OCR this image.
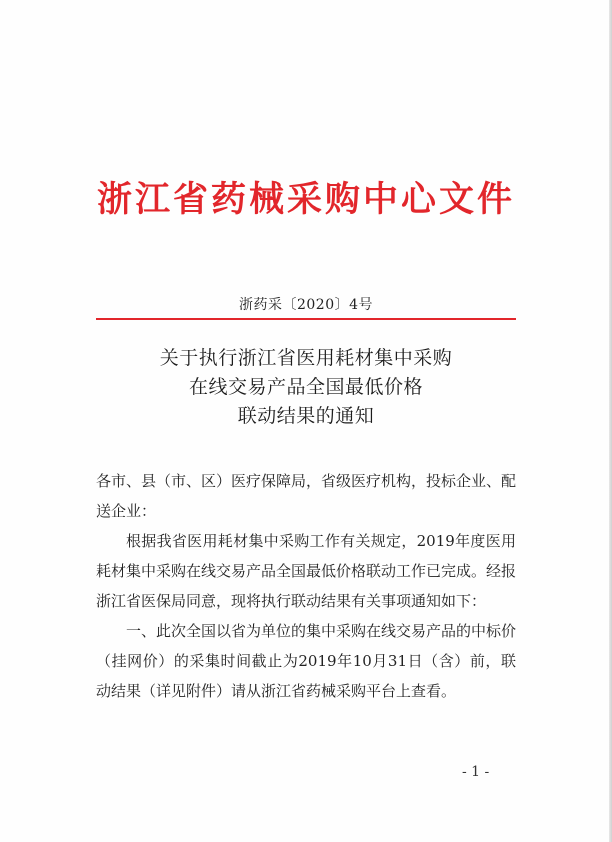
浙江省药械采购中心文件
浙药采〔2020〕4号
关于执行浙江省医用耗材集中采购
在线交易产品全国最低价格
联动结果的通知

各市、县（市、区）医疗保障局，省级医疗机构，投标企业、配送企业：

根据我省医用耗材集中采购工作有关规定，2019年度医用耗材集中采购在线交易产品全国最低价格联动工作已完成。经报浙江省医保局同意，现将执行联动结果有关事项通知如下：

一、此次全国以省为单位的集中采购在线交易产品的中标价（挂网价）的采集时间截止为2019年10月31日（含）前，联动结果（详见附件）请从浙江省药械采购平台上查看。

- 1 -
